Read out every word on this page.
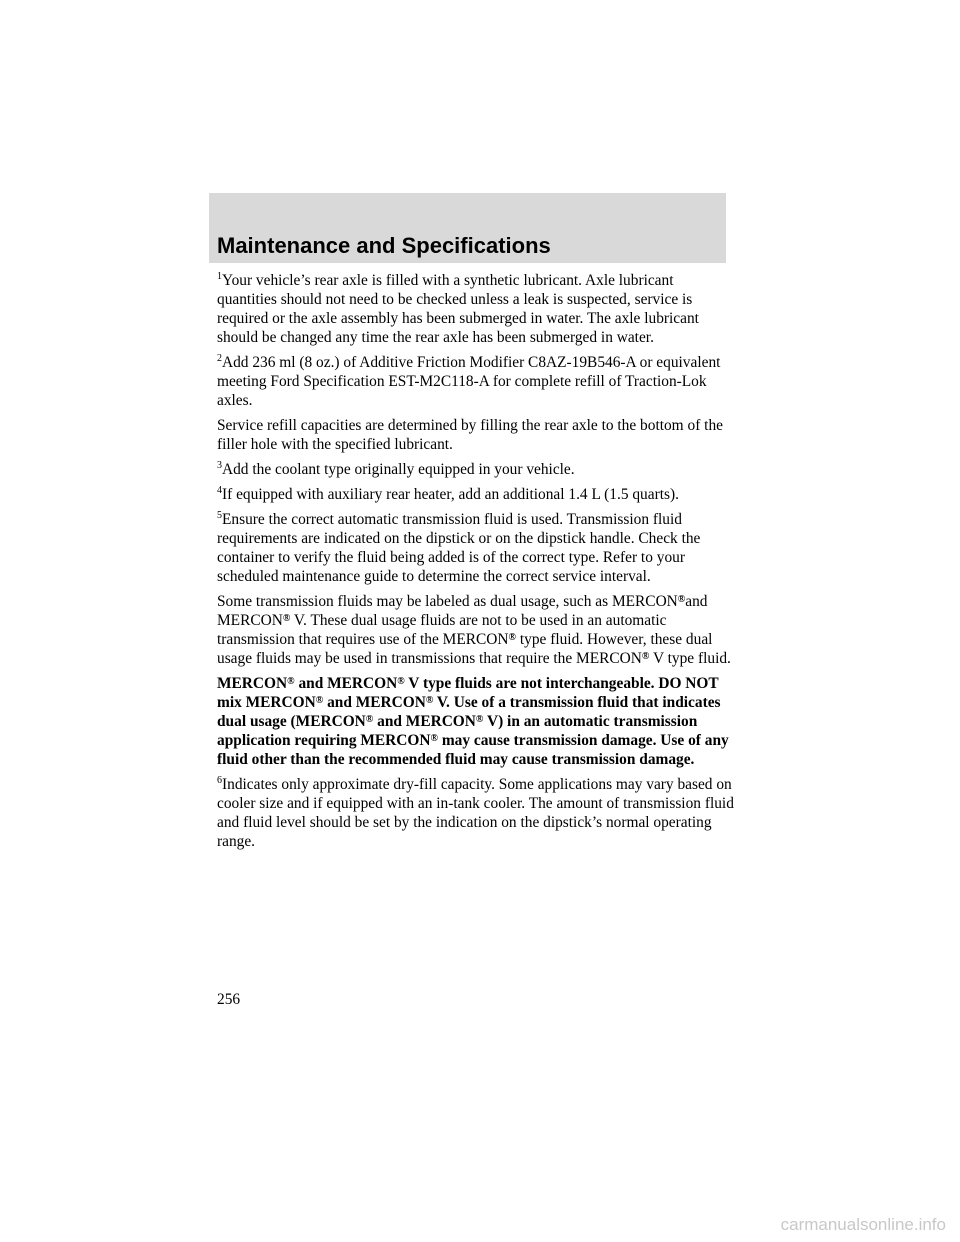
Maintenance and Specifications

$^1$Your vehicle’s rear axle is filled with a synthetic lubricant. Axle lubricant quantities should not need to be checked unless a leak is suspected, service is required or the axle assembly has been submerged in water. The axle lubricant should be changed any time the rear axle has been submerged in water.

$^2$Add 236 ml (8 oz.) of Additive Friction Modifier C8AZ-19B546-A or equivalent meeting Ford Specification EST-M2C118-A for complete refill of Traction-Lok axles.

Service refill capacities are determined by filling the rear axle to the bottom of the filler hole with the specified lubricant.

$^3$Add the coolant type originally equipped in your vehicle.

$^4$If equipped with auxiliary rear heater, add an additional 1.4 L (1.5 quarts).

$^5$Ensure the correct automatic transmission fluid is used. Transmission fluid requirements are indicated on the dipstick or on the dipstick handle. Check the container to verify the fluid being added is of the correct type. Refer to your scheduled maintenance guide to determine the correct service interval.

Some transmission fluids may be labeled as dual usage, such as MERCON®and MERCON® V. These dual usage fluids are not to be used in an automatic transmission that requires use of the MERCON® type fluid. However, these dual usage fluids may be used in transmissions that require the MERCON® V type fluid.

MERCON® and MERCON® V type fluids are not interchangeable. DO NOT mix MERCON® and MERCON® V. Use of a transmission fluid that indicates dual usage (MERCON® and MERCON® V) in an automatic transmission application requiring MERCON® may cause transmission damage. Use of any fluid other than the recommended fluid may cause transmission damage.

$^6$Indicates only approximate dry-fill capacity. Some applications may vary based on cooler size and if equipped with an in-tank cooler. The amount of transmission fluid and fluid level should be set by the indication on the dipstick’s normal operating range.

256
carmanualsonline.info
